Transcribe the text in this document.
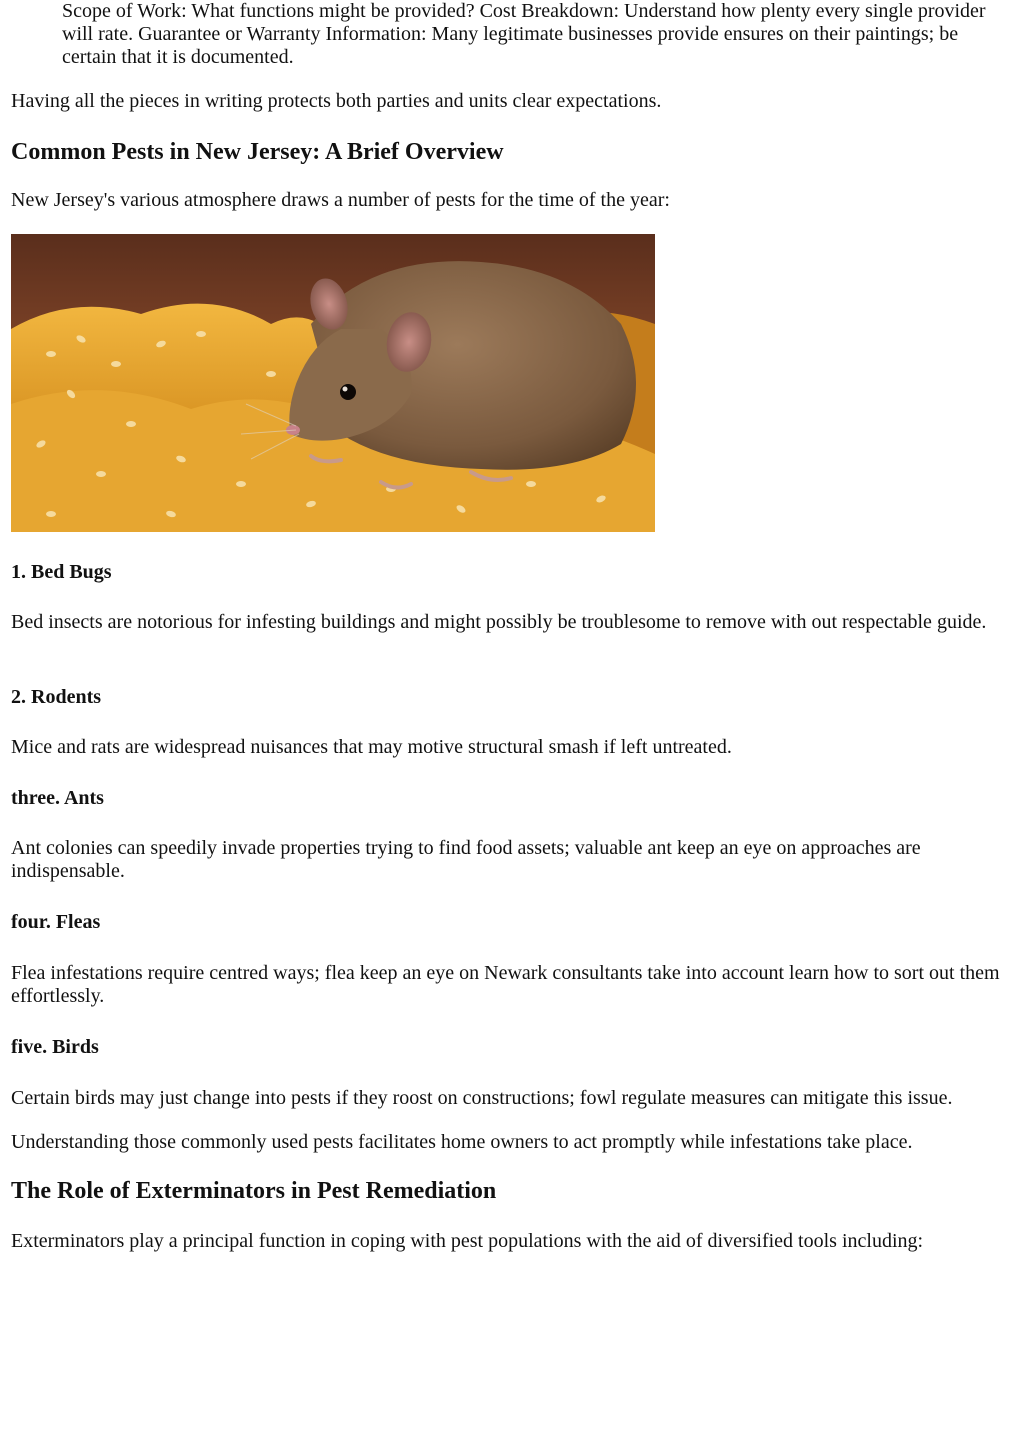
Scope of Work: What functions might be provided? Cost Breakdown: Understand how plenty every single provider will rate. Guarantee or Warranty Information: Many legitimate businesses provide ensures on their paintings; be certain that it is documented.

Having all the pieces in writing protects both parties and units clear expectations.

Common Pests in New Jersey: A Brief Overview

New Jersey's various atmosphere draws a number of pests for the time of the year:

1. Bed Bugs

Bed insects are notorious for infesting buildings and might possibly be troublesome to remove with out respectable guide.

2. Rodents

Mice and rats are widespread nuisances that may motive structural smash if left untreated.

three. Ants

Ant colonies can speedily invade properties trying to find food assets; valuable ant keep an eye on approaches are indispensable.

four. Fleas

Flea infestations require centred ways; flea keep an eye on Newark consultants take into account learn how to sort out them effortlessly.

five. Birds

Certain birds may just change into pests if they roost on constructions; fowl regulate measures can mitigate this issue.

Understanding those commonly used pests facilitates home owners to act promptly while infestations take place.

The Role of Exterminators in Pest Remediation

Exterminators play a principal function in coping with pest populations with the aid of diversified tools including:
